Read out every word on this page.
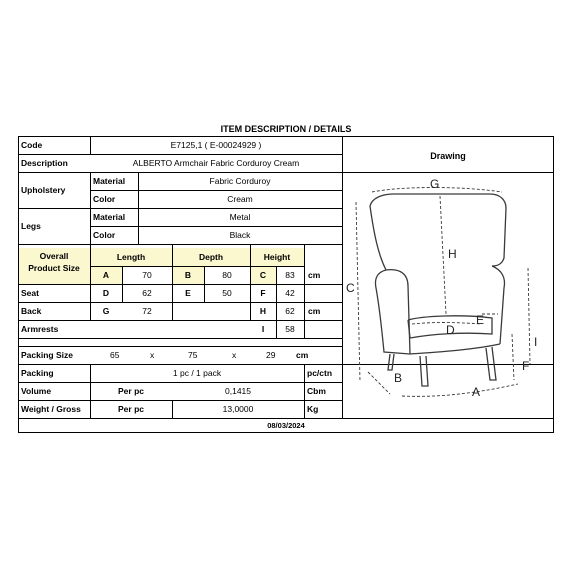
ITEM DESCRIPTION / DETAILS
Code	E7125,1 ( E-00024929 )
Description	ALBERTO Armchair Fabric Corduroy Cream
Upholstery
Material	Fabric Corduroy
Color	Cream
Legs
Material	Metal
Color	Black
Overall
Product Size
Length	Depth	Height
A	70	B	80	C	83	cm
Seat	D	62	E	50	F	42
Back	G	72	H	62	cm
Armrests	I	58
Packing Size	65	x	75	x	29 cm
Packing	1 pc / 1 pack	pc/ctn
Volume	Per pc	0,1415	Cbm
Weight / Gross	Per pc	13,0000	Kg
08/03/2024
Drawing
G
H
C
D
E
F
I
B
A
